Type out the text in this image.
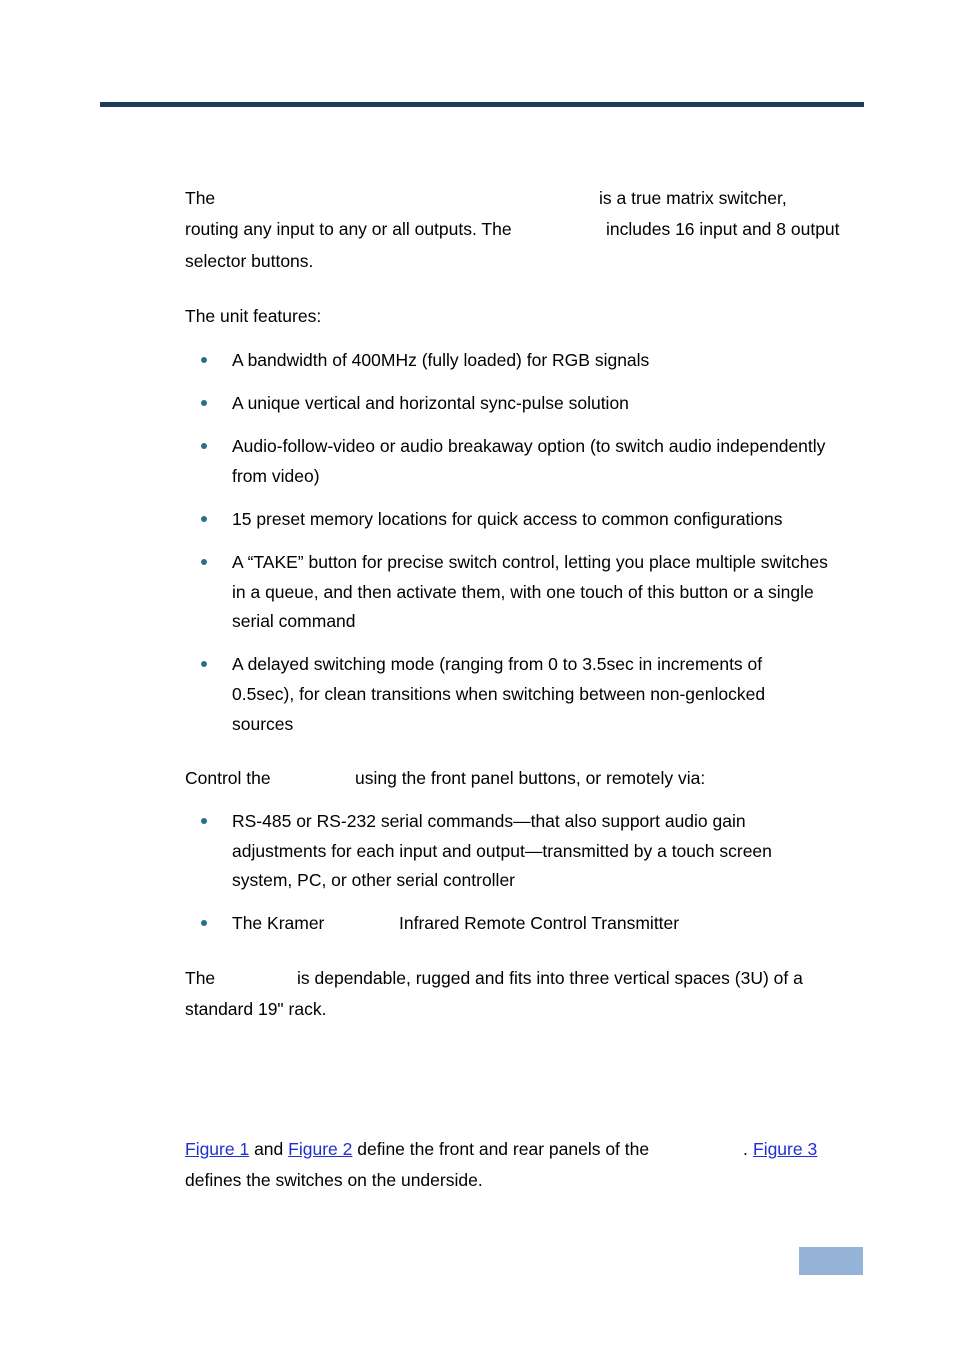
The	is a true matrix switcher,
routing any input to any or all outputs. The	includes 16 input and 8 output
selector buttons.
The unit features:
A bandwidth of 400MHz (fully loaded) for RGB signals
A unique vertical and horizontal sync-pulse solution
Audio-follow-video or audio breakaway option (to switch audio independently
from video)
15 preset memory locations for quick access to common configurations
A “TAKE” button for precise switch control, letting you place multiple switches
in a queue, and then activate them, with one touch of this button or a single
serial command
A delayed switching mode (ranging from 0 to 3.5sec in increments of
0.5sec), for clean transitions when switching between non-genlocked
sources
Control the	using the front panel buttons, or remotely via:
RS-485 or RS-232 serial commands—that also support audio gain
adjustments for each input and output—transmitted by a touch screen
system, PC, or other serial controller
The Kramer	Infrared Remote Control Transmitter
The	is dependable, rugged and fits into three vertical spaces (3U) of a
standard 19" rack.
Figure 1 and Figure 2 define the front and rear panels of the	. Figure 3
defines the switches on the underside.
